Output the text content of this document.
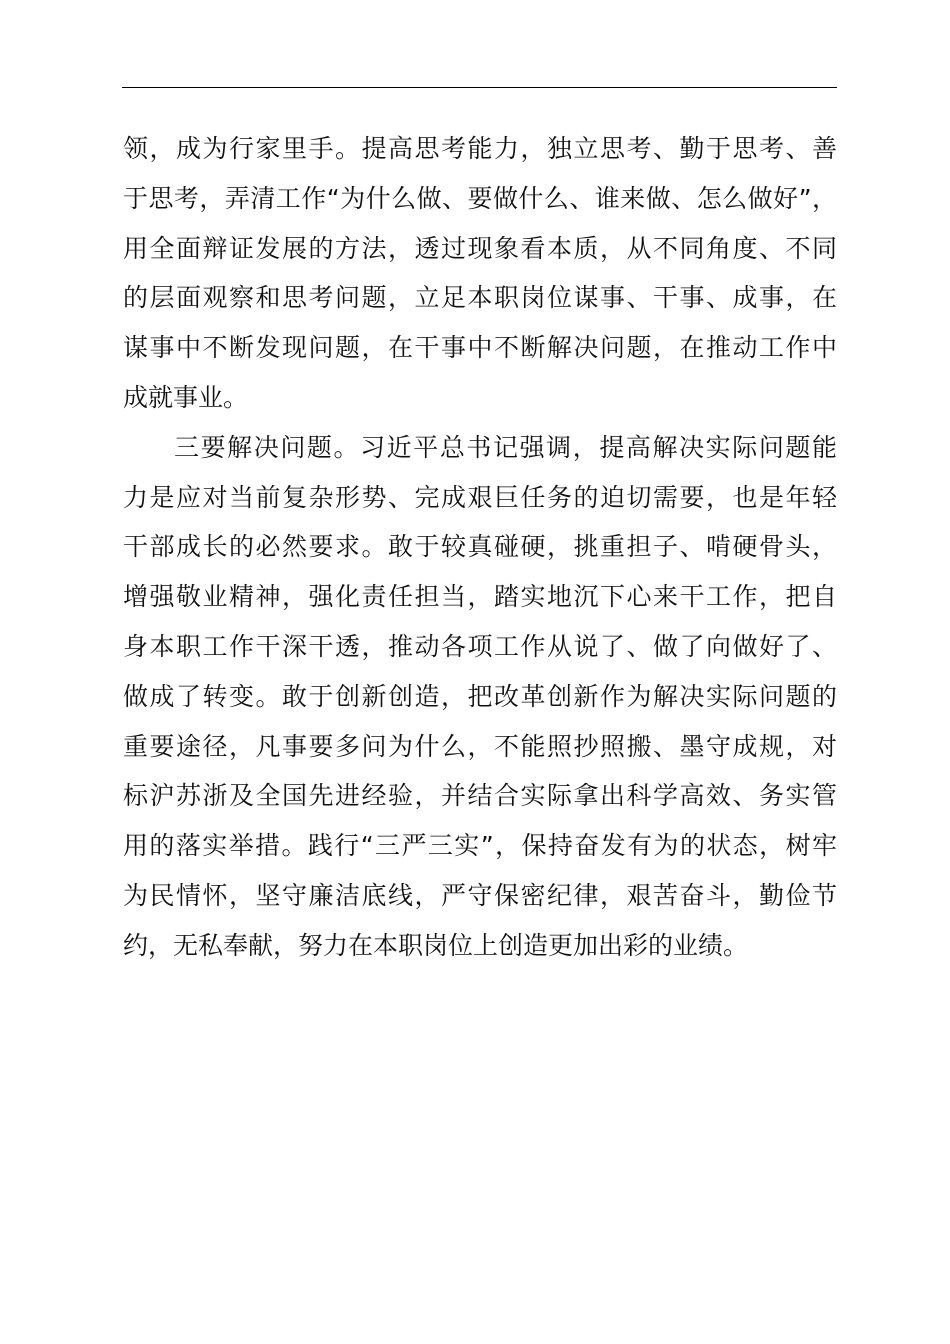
领，成为行家里手。提高思考能力，独立思考、勤于思考、善
于思考，弄清工作“为什么做、要做什么、谁来做、怎么做好”，
用全面辩证发展的方法，透过现象看本质，从不同角度、不同
的层面观察和思考问题，立足本职岗位谋事、干事、成事，在
谋事中不断发现问题，在干事中不断解决问题，在推动工作中
成就事业。
三要解决问题。习近平总书记强调，提高解决实际问题能
力是应对当前复杂形势、完成艰巨任务的迫切需要，也是年轻
干部成长的必然要求。敢于较真碰硬，挑重担子、啃硬骨头，
增强敬业精神，强化责任担当，踏实地沉下心来干工作，把自
身本职工作干深干透，推动各项工作从说了、做了向做好了、
做成了转变。敢于创新创造，把改革创新作为解决实际问题的
重要途径，凡事要多问为什么，不能照抄照搬、墨守成规，对
标沪苏浙及全国先进经验，并结合实际拿出科学高效、务实管
用的落实举措。践行“三严三实”，保持奋发有为的状态，树牢
为民情怀，坚守廉洁底线，严守保密纪律，艰苦奋斗，勤俭节
约，无私奉献，努力在本职岗位上创造更加出彩的业绩。
